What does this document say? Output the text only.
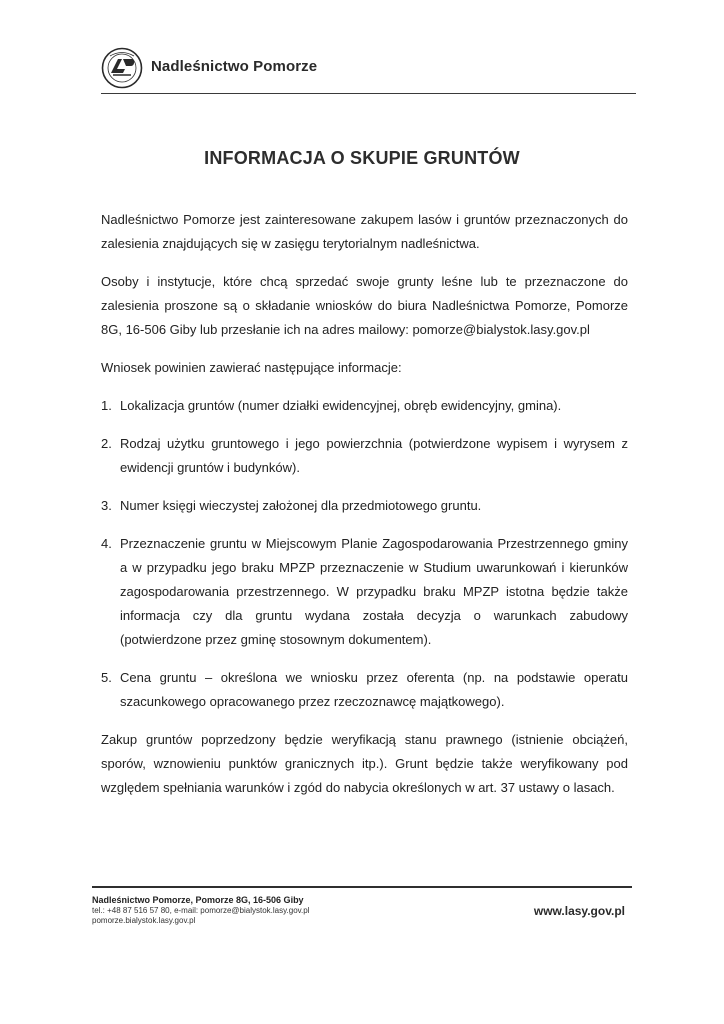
Nadleśnictwo Pomorze
INFORMACJA O SKUPIE GRUNTÓW

Nadleśnictwo Pomorze jest zainteresowane zakupem lasów i gruntów przeznaczonych do zalesienia znajdujących się w zasięgu terytorialnym nadleśnictwa.

Osoby i instytucje, które chcą sprzedać swoje grunty leśne lub te przeznaczone do zalesienia proszone są o składanie wniosków do biura Nadleśnictwa Pomorze, Pomorze 8G, 16-506 Giby lub przesłanie ich na adres mailowy: pomorze@bialystok.lasy.gov.pl

Wniosek powinien zawierać następujące informacje:

1. Lokalizacja gruntów (numer działki ewidencyjnej, obręb ewidencyjny, gmina).
2. Rodzaj użytku gruntowego i jego powierzchnia (potwierdzone wypisem i wyrysem z ewidencji gruntów i budynków).
3. Numer księgi wieczystej założonej dla przedmiotowego gruntu.
4. Przeznaczenie gruntu w Miejscowym Planie Zagospodarowania Przestrzennego gminy a w przypadku jego braku MPZP przeznaczenie w Studium uwarunkowań i kierunków zagospodarowania przestrzennego. W przypadku braku MPZP istotna będzie także informacja czy dla gruntu wydana została decyzja o warunkach zabudowy (potwierdzone przez gminę stosownym dokumentem).
5. Cena gruntu – określona we wniosku przez oferenta (np. na podstawie operatu szacunkowego opracowanego przez rzeczoznawcę majątkowego).

Zakup gruntów poprzedzony będzie weryfikacją stanu prawnego (istnienie obciążeń, sporów, wznowieniu punktów granicznych itp.). Grunt będzie także weryfikowany pod względem spełniania warunków i zgód do nabycia określonych w art. 37 ustawy o lasach.

Nadleśnictwo Pomorze, Pomorze 8G, 16-506 Giby
tel.: +48 87 516 57 80, e-mail: pomorze@bialystok.lasy.gov.pl
pomorze.bialystok.lasy.gov.pl
www.lasy.gov.pl
